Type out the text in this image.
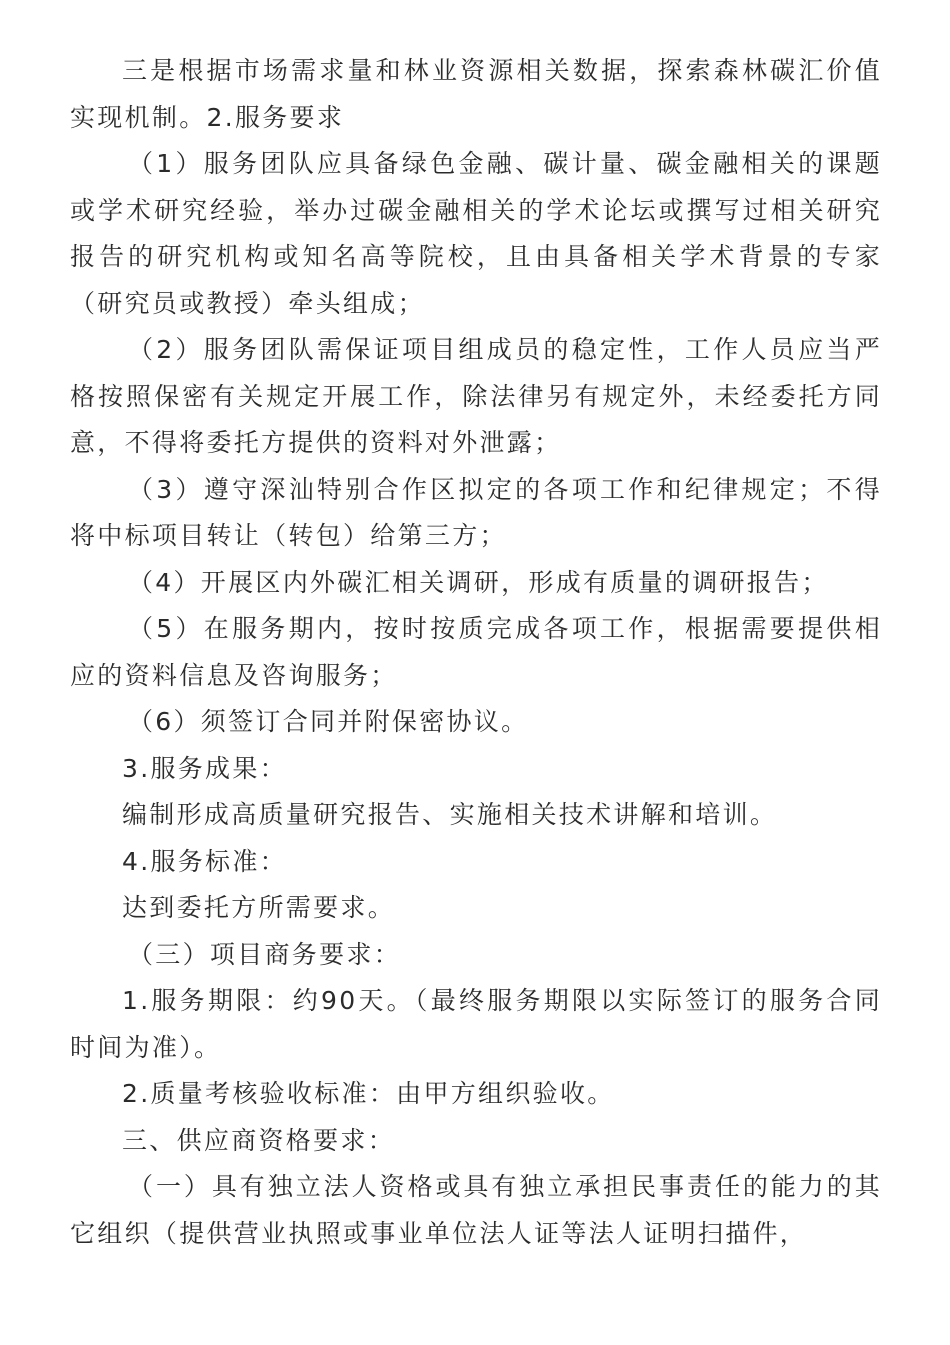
三是根据市场需求量和林业资源相关数据，探索森林碳汇价值实现机制。2.服务要求

（1）服务团队应具备绿色金融、碳计量、碳金融相关的课题或学术研究经验，举办过碳金融相关的学术论坛或撰写过相关研究报告的研究机构或知名高等院校，且由具备相关学术背景的专家（研究员或教授）牵头组成；

（2）服务团队需保证项目组成员的稳定性，工作人员应当严格按照保密有关规定开展工作，除法律另有规定外，未经委托方同意，不得将委托方提供的资料对外泄露；

（3）遵守深汕特别合作区拟定的各项工作和纪律规定；不得将中标项目转让（转包）给第三方；

（4）开展区内外碳汇相关调研，形成有质量的调研报告；

（5）在服务期内，按时按质完成各项工作，根据需要提供相应的资料信息及咨询服务；

（6）须签订合同并附保密协议。

3.服务成果：

编制形成高质量研究报告、实施相关技术讲解和培训。

4.服务标准：

达到委托方所需要求。

（三）项目商务要求：

1.服务期限：约90天。（最终服务期限以实际签订的服务合同时间为准）。

2.质量考核验收标准：由甲方组织验收。

三、供应商资格要求：

（一）具有独立法人资格或具有独立承担民事责任的能力的其它组织（提供营业执照或事业单位法人证等法人证明扫描件，
